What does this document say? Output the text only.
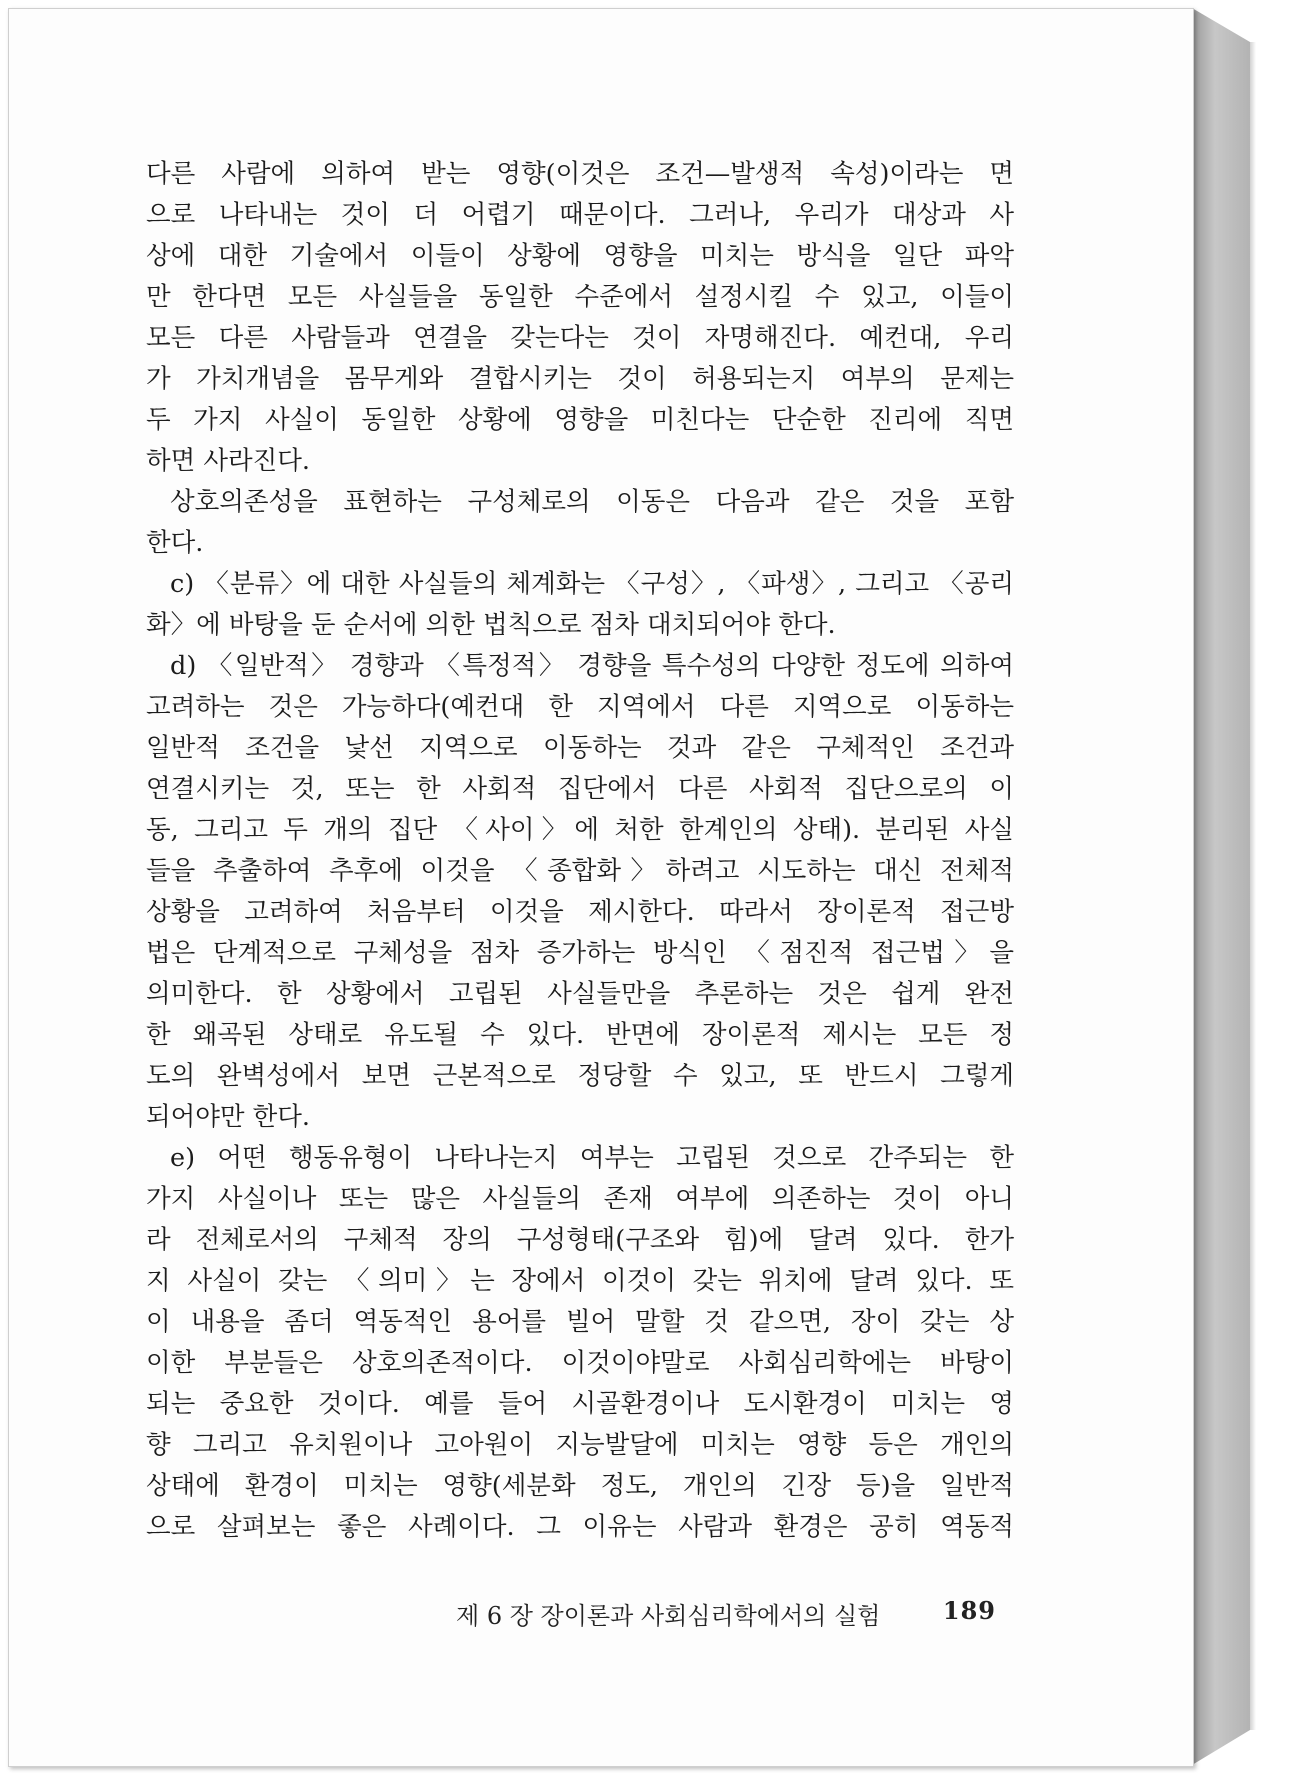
다른 사람에 의하여 받는 영향(이것은 조건—발생적 속성)이라는 면
으로 나타내는 것이 더 어렵기 때문이다. 그러나, 우리가 대상과 사
상에 대한 기술에서 이들이 상황에 영향을 미치는 방식을 일단 파악
만 한다면 모든 사실들을 동일한 수준에서 설정시킬 수 있고, 이들이
모든 다른 사람들과 연결을 갖는다는 것이 자명해진다. 예컨대, 우리
가 가치개념을 몸무게와 결합시키는 것이 허용되는지 여부의 문제는
두 가지 사실이 동일한 상황에 영향을 미친다는 단순한 진리에 직면
하면 사라진다.
상호의존성을 표현하는 구성체로의 이동은 다음과 같은 것을 포함
한다.
c) 〈분류〉에 대한 사실들의 체계화는 〈구성〉, 〈파생〉, 그리고 〈공리
화〉에 바탕을 둔 순서에 의한 법칙으로 점차 대치되어야 한다.
d) 〈일반적〉 경향과 〈특정적〉 경향을 특수성의 다양한 정도에 의하여
고려하는 것은 가능하다(예컨대 한 지역에서 다른 지역으로 이동하는
일반적 조건을 낯선 지역으로 이동하는 것과 같은 구체적인 조건과
연결시키는 것, 또는 한 사회적 집단에서 다른 사회적 집단으로의 이
동, 그리고 두 개의 집단 〈사이〉에 처한 한계인의 상태). 분리된 사실
들을 추출하여 추후에 이것을 〈종합화〉하려고 시도하는 대신 전체적
상황을 고려하여 처음부터 이것을 제시한다. 따라서 장이론적 접근방
법은 단계적으로 구체성을 점차 증가하는 방식인 〈점진적 접근법〉을
의미한다. 한 상황에서 고립된 사실들만을 추론하는 것은 쉽게 완전
한 왜곡된 상태로 유도될 수 있다. 반면에 장이론적 제시는 모든 정
도의 완벽성에서 보면 근본적으로 정당할 수 있고, 또 반드시 그렇게
되어야만 한다.
e) 어떤 행동유형이 나타나는지 여부는 고립된 것으로 간주되는 한
가지 사실이나 또는 많은 사실들의 존재 여부에 의존하는 것이 아니
라 전체로서의 구체적 장의 구성형태(구조와 힘)에 달려 있다. 한가
지 사실이 갖는 〈의미〉는 장에서 이것이 갖는 위치에 달려 있다. 또
이 내용을 좀더 역동적인 용어를 빌어 말할 것 같으면, 장이 갖는 상
이한 부분들은 상호의존적이다. 이것이야말로 사회심리학에는 바탕이
되는 중요한 것이다. 예를 들어 시골환경이나 도시환경이 미치는 영
향 그리고 유치원이나 고아원이 지능발달에 미치는 영향 등은 개인의
상태에 환경이 미치는 영향(세분화 정도, 개인의 긴장 등)을 일반적
으로 살펴보는 좋은 사례이다. 그 이유는 사람과 환경은 공히 역동적
제 6 장 장이론과 사회심리학에서의 실험	189
